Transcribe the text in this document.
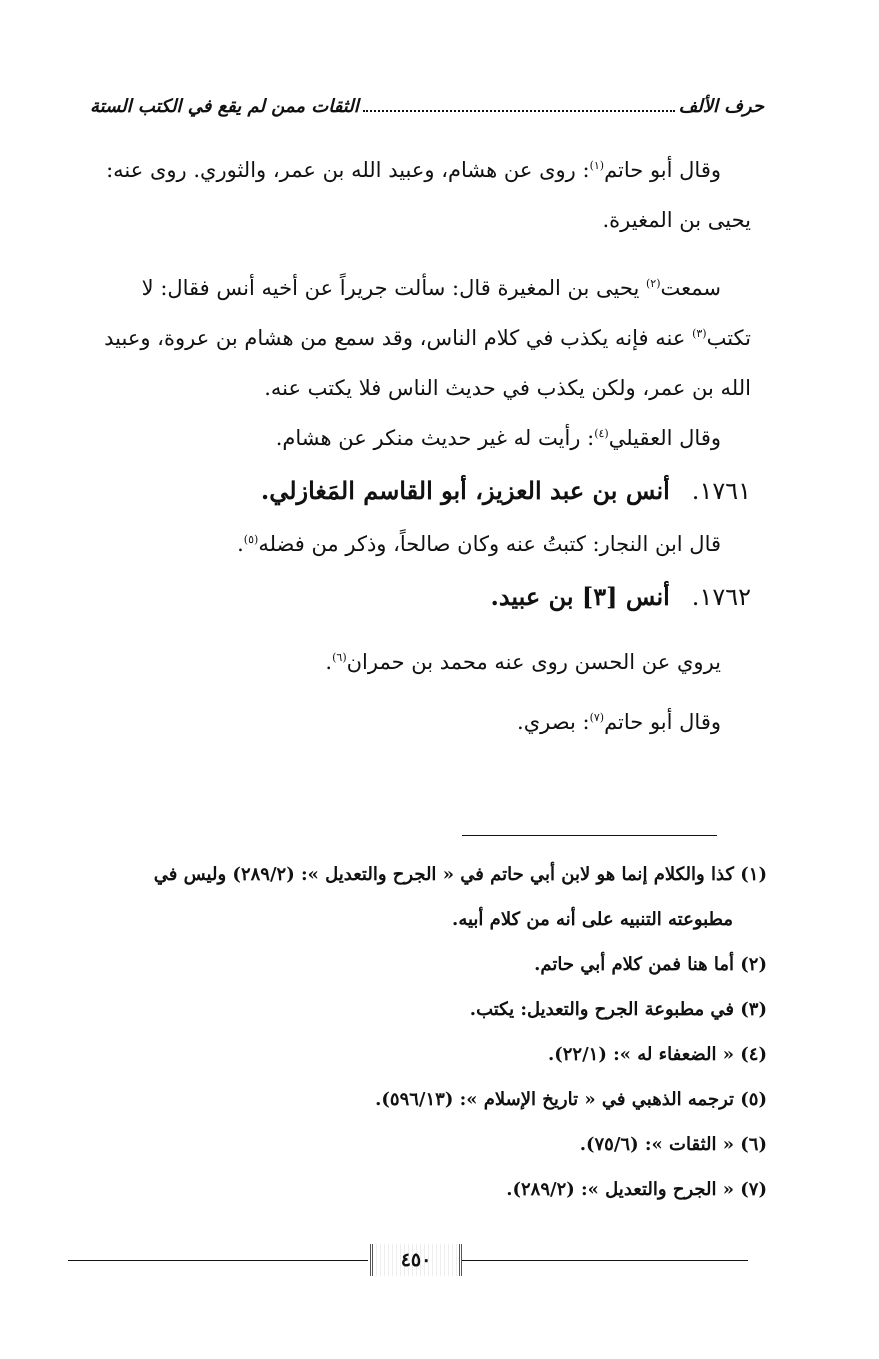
حرف الألف
الثقات ممن لم يقع في الكتب الستة

وقال أبو حاتم$^{(١)}$: روى عن هشام، وعبيد الله بن عمر، والثوري. روى عنه:

يحيى بن المغيرة.

سمعت$^{(٢)}$ يحيى بن المغيرة قال: سألت جريراً عن أخيه أنس فقال: لا

تكتب$^{(٣)}$ عنه فإنه يكذب في كلام الناس، وقد سمع من هشام بن عروة، وعبيد

الله بن عمر، ولكن يكذب في حديث الناس فلا يكتب عنه.

وقال العقيلي$^{(٤)}$: رأيت له غير حديث منكر عن هشام.

١٧٦١.أنس بن عبد العزيز، أبو القاسم المَغازلي.

قال ابن النجار: كتبتُ عنه وكان صالحاً، وذكر من فضله$^{(٥)}$.

١٧٦٢.أنس [٣] بن عبيد.

يروي عن الحسن روى عنه محمد بن حمران$^{(٦)}$.

وقال أبو حاتم$^{(٧)}$: بصري.

(١) كذا والكلام إنما هو لابن أبي حاتم في « الجرح والتعديل »: (٢٨٩/٢) وليس في
مطبوعته التنبيه على أنه من كلام أبيه.

(٢) أما هنا فمن كلام أبي حاتم.

(٣) في مطبوعة الجرح والتعديل: يكتب.

(٤) « الضعفاء له »: (٢٢/١).

(٥) ترجمه الذهبي في « تاريخ الإسلام »: (٥٩٦/١٣).

(٦) « الثقات »: (٧٥/٦).

(٧) « الجرح والتعديل »: (٢٨٩/٢).

٤٥٠
